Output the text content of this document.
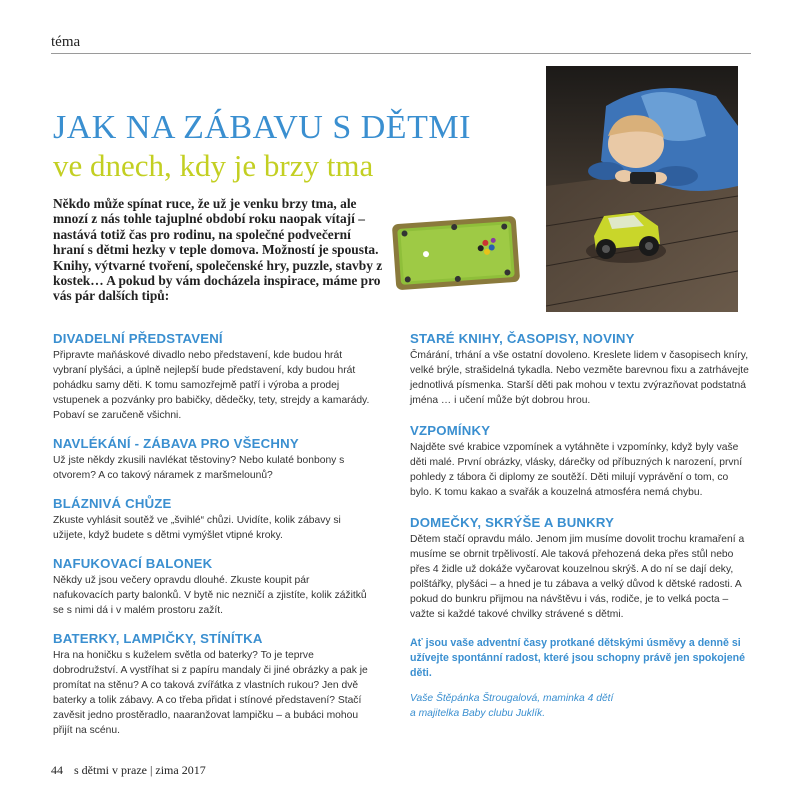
téma
JAK NA ZÁBAVU S DĚTMI
ve dnech, kdy je brzy tma
Někdo může spínat ruce, že už je venku brzy tma, ale mnozí z nás tohle tajuplné období roku naopak vítají – nastává totiž čas pro rodinu, na společné podvečerní hraní s dětmi hezky v teple domova. Možností je spousta. Knihy, výtvarné tvoření, společenské hry, puzzle, stavby z kostek… A pokud by vám docházela inspirace, máme pro vás pár dalších tipů:
DIVADELNÍ PŘEDSTAVENÍ

Připravte maňáskové divadlo nebo představení, kde budou hrát vybraní plyšáci, a úplně nejlepší bude představení, kdy budou hrát pohádku samy děti. K tomu samozřejmě patří i výroba a prodej vstupenek a pozvánky pro babičky, dědečky, tety, strejdy a kamarády. Pobaví se zaručeně všichni.

NAVLÉKÁNÍ - ZÁBAVA PRO VŠECHNY

Už jste někdy zkusili navlékat těstoviny? Nebo kulaté bonbony s otvorem? A co takový náramek z maršmelounů?

BLÁZNIVÁ CHŮZE

Zkuste vyhlásit soutěž ve „švihlé“ chůzi. Uvidíte, kolik zábavy si užijete, když budete s dětmi vymýšlet vtipné kroky.

NAFUKOVACÍ BALONEK

Někdy už jsou večery opravdu dlouhé. Zkuste koupit pár nafukovacích party balonků. V bytě nic nezničí a zjistíte, kolik zážitků se s nimi dá i v malém prostoru zažít.

BATERKY, LAMPIČKY, STÍNÍTKA

Hra na honičku s kuželem světla od baterky? To je teprve dobrodružství. A vystříhat si z papíru mandaly či jiné obrázky a pak je promítat na stěnu? A co taková zvířátka z vlastních rukou? Jen dvě baterky a tolik zábavy. A co třeba přidat i stínové představení? Stačí zavěsit jedno prostěradlo, naaranžovat lampičku – a bubáci mohou přijít na scénu.

STARÉ KNIHY, ČASOPISY, NOVINY

Čmárání, trhání a vše ostatní dovoleno. Kreslete lidem v časopisech kníry, velké brýle, strašidelná tykadla. Nebo vezměte barevnou fixu a zatrhávejte jednotlivá písmenka. Starší děti pak mohou v textu zvýrazňovat podstatná jména … i učení může být dobrou hrou.

VZPOMÍNKY

Najděte své krabice vzpomínek a vytáhněte i vzpomínky, když byly vaše děti malé. První obrázky, vlásky, dárečky od příbuzných k narození, první pohledy z tábora či diplomy ze soutěží. Děti milují vyprávění o tom, co bylo. K tomu kakao a svařák a kouzelná atmosféra nemá chybu.

DOMEČKY, SKRÝŠE A BUNKRY

Dětem stačí opravdu málo. Jenom jim musíme dovolit trochu kramaření a musíme se obrnit trpělivostí. Ale taková přehozená deka přes stůl nebo přes 4 židle už dokáže vyčarovat kouzelnou skrýš. A do ní se dají deky, polštářky, plyšáci – a hned je tu zábava a velký důvod k dětské radosti. A pokud do bunkru přijmou na návštěvu i vás, rodiče, je to velká pocta – važte si každé takové chvilky strávené s dětmi.

Ať jsou vaše adventní časy protkané dětskými úsměvy a denně si užívejte spontánní radost, které jsou schopny právě jen spokojené děti.

Vaše Štěpánka Štrougalová, maminka 4 dětí
a majitelka Baby clubu Juklík.
44 s dětmi v praze | zima 2017
